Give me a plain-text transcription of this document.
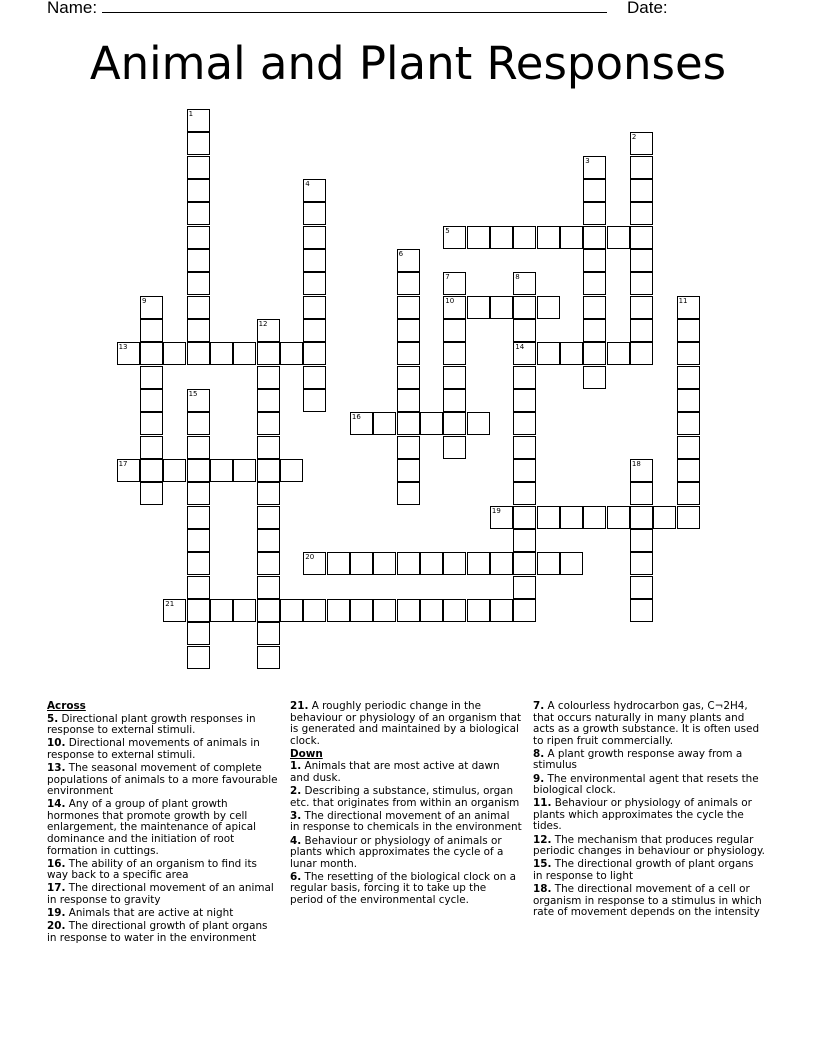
Name:	Date:
Animal and Plant Responses
1
2
3
4
5
6
7	8
9	10	11
12
13	14
15
16
17	18
19
20
21

Across

5. Directional plant growth responses in response to external stimuli.

10. Directional movements of animals in response to external stimuli.

13. The seasonal movement of complete populations of animals to a more favourable environment

14. Any of a group of plant growth hormones that promote growth by cell enlargement, the maintenance of apical dominance and the initiation of root formation in cuttings.

16. The ability of an organism to find its way back to a specific area

17. The directional movement of an animal in response to gravity

19. Animals that are active at night

20. The directional growth of plant organs in response to water in the environment

21. A roughly periodic change in the behaviour or physiology of an organism that is generated and maintained by a biological clock.

Down

1. Animals that are most active at dawn and dusk.

2. Describing a substance, stimulus, organ etc. that originates from within an organism

3. The directional movement of an animal in response to chemicals in the environment

4. Behaviour or physiology of animals or plants which approximates the cycle of a lunar month.

6. The resetting of the biological clock on a regular basis, forcing it to take up the period of the environmental cycle.

7. A colourless hydrocarbon gas, C¬2H4, that occurs naturally in many plants and acts as a growth substance. It is often used to ripen fruit commercially.

8. A plant growth response away from a stimulus

9. The environmental agent that resets the biological clock.

11. Behaviour or physiology of animals or plants which approximates the cycle the tides.

12. The mechanism that produces regular periodic changes in behaviour or physiology.

15. The directional growth of plant organs in response to light

18. The directional movement of a cell or organism in response to a stimulus in which rate of movement depends on the intensity
